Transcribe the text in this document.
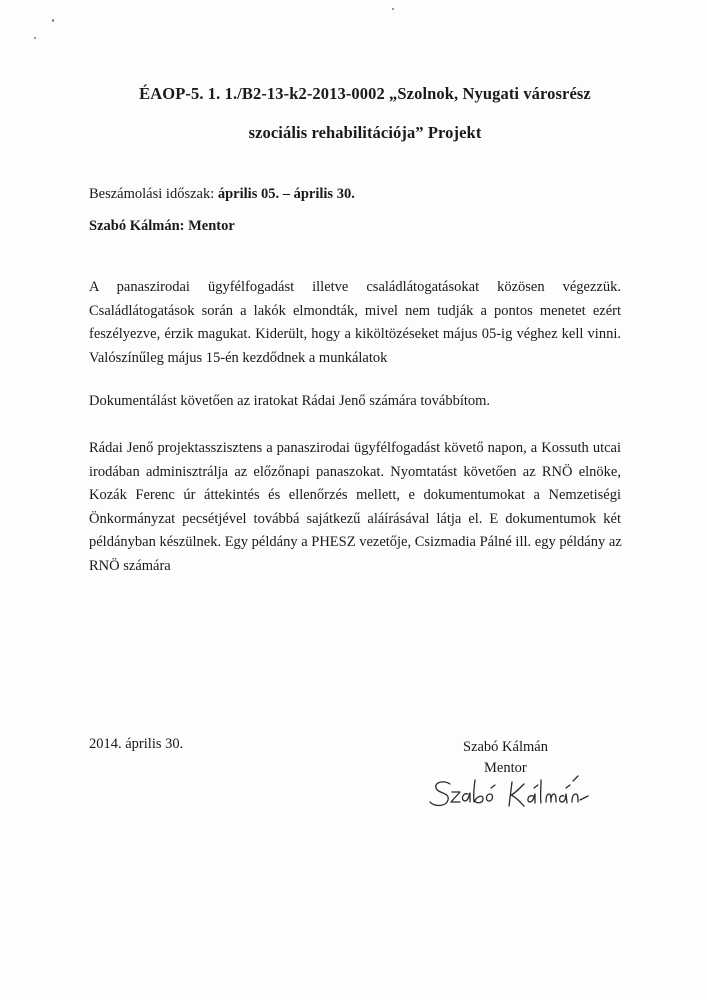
ÉAOP-5. 1. 1./B2-13-k2-2013-0002 „Szolnok, Nyugati városrész
szociális rehabilitációja” Projekt
Beszámolási időszak: április 05. – április 30.
Szabó Kálmán: Mentor
A panaszirodai ügyfélfogadást illetve családlátogatásokat közösen végezzük.
Családlátogatások során a lakók elmondták, mivel nem tudják a pontos menetet ezért
feszélyezve, érzik magukat. Kiderült, hogy a kiköltözéseket május 05-ig véghez kell vinni.
Valószínűleg május 15-én kezdődnek a munkálatok
Dokumentálást követően az iratokat Rádai Jenő számára továbbítom.
Rádai Jenő projektasszisztens a panaszirodai ügyfélfogadást követő napon, a Kossuth utcai
irodában adminisztrálja az előzőnapi panaszokat. Nyomtatást követően az RNÖ elnöke,
Kozák Ferenc úr áttekintés és ellenőrzés mellett, e dokumentumokat a Nemzetiségi
Önkormányzat pecsétjével továbbá sajátkezű aláírásával látja el. E dokumentumok két
példányban készülnek. Egy példány a PHESZ vezetője, Csizmadia Pálné ill. egy példány az
RNÖ számára
2014. április 30.	Szabó Kálmán
Mentor
